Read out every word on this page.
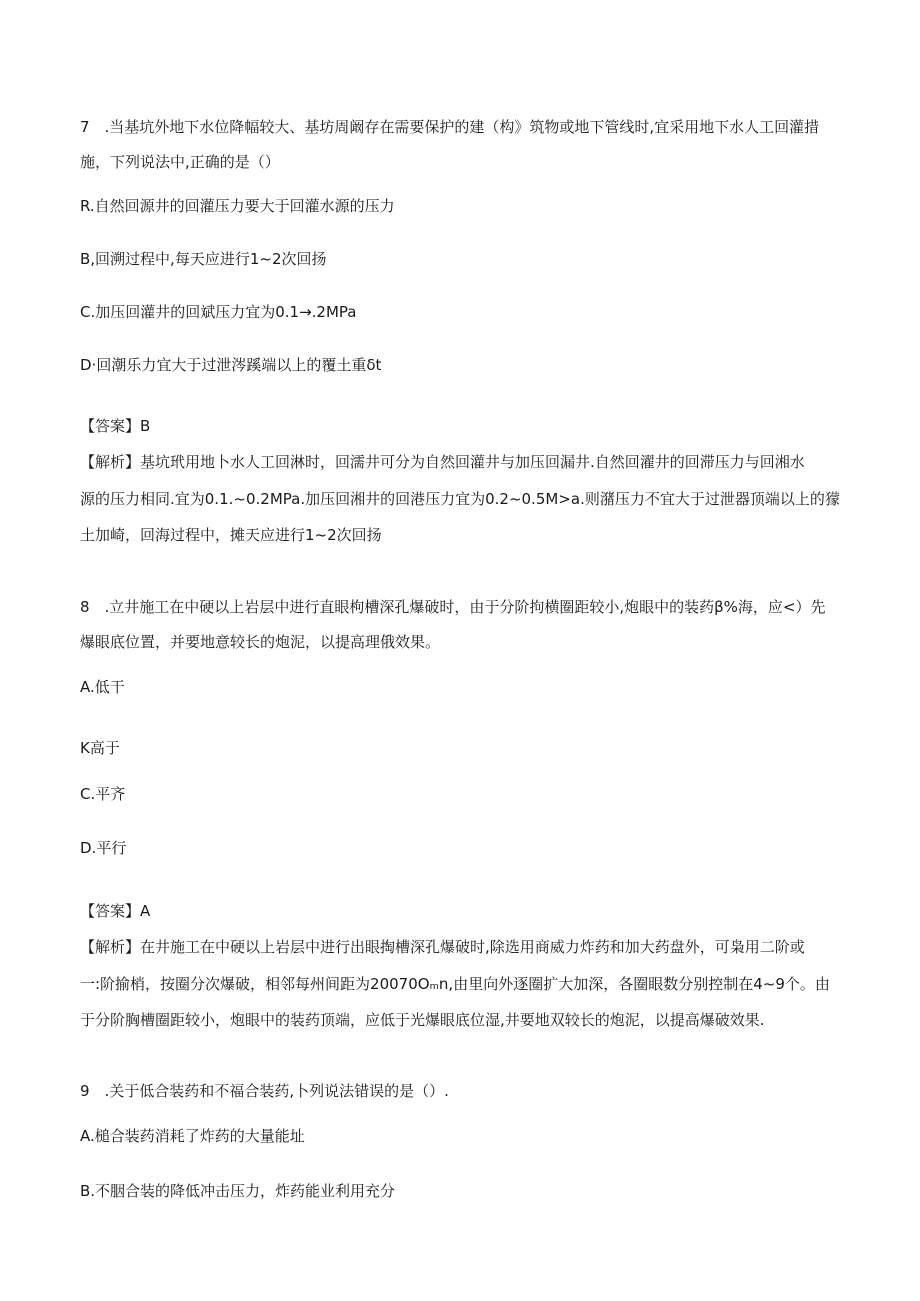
7　.当基坑外地下水位降幅较大、基坊周阚存在需要保护的建（构》筑物或地下管线时,宜采用地下水人工回灌措
施，下列说法中,正确的是（）
R.自然回源井的回灌压力要大于回灌水源的压力
B,回溯过程中,每天应进行1~2次回扬
C.加压回灌井的回斌压力宜为0.1→.2MPa
D·回潮乐力宜大于过泄涔蹊端以上的覆土重δt
【答案】B
【解析】基坑玳用地卜水人工回淋时，回濡井可分为自然回灌井与加压回漏井.自然回濯井的回滞压力与回湘水
源的压力相同.宜为0.1.~0.2MPa.加压回湘井的回港压力宜为0.2~0.5M>a.则潴压力不宜大于过泄器顶端以上的獴
土加崎，回海过程中，摊天应进行1~2次回扬
8　.立井施工在中硬以上岩层中进行直眼枸槽深孔爆破时，由于分阶拘横圈距较小,炮眼中的装药β%海，应<）先
爆眼底位置，并要地意较长的炮泥，以提高理俄效果。
A.低干
K高于
C.平齐
D.平行
【答案】A
【解析】在井施工在中硬以上岩层中进行出眼掏槽深孔爆破时,除选用商威力炸药和加大药盘外，可枭用二阶或
一:阶揄梢，按圈分次爆破，相邻每州间距为20070Oₘn,由里向外逐圈扩大加深，各圈眼数分别控制在4~9个。由
于分阶胸槽圈距较小，炮眼中的装药顶端，应低于光爆眼底位湿,井要地双较长的炮泥，以提高爆破效果.
9　.关于低合装药和不福合装药,卜列说法错误的是（）.
A.槌合装药消耗了炸药的大量能址
B.不胭合装的降低冲击压力，炸药能业利用充分
